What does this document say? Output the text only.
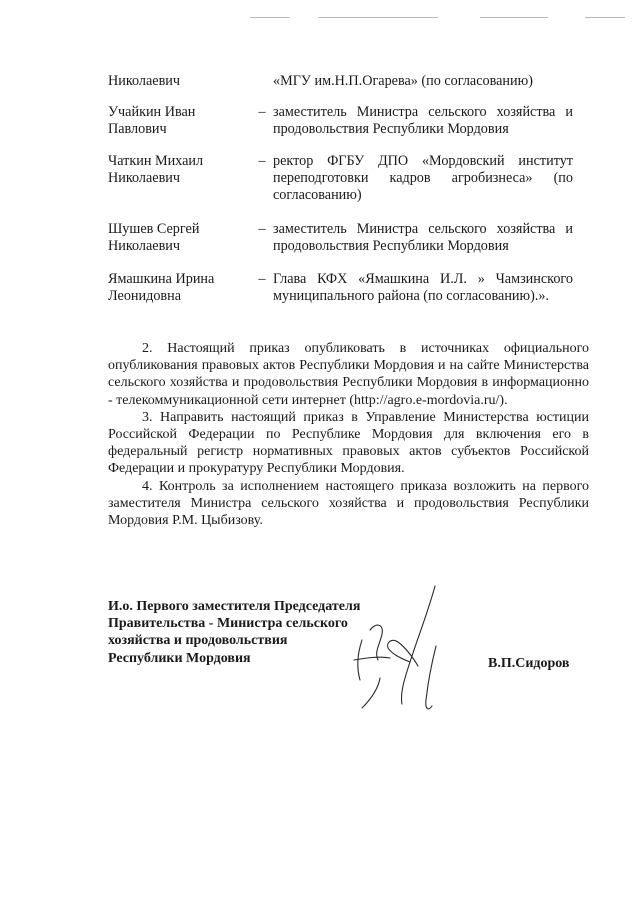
Николаевич	«МГУ им.Н.П.Огарева» (по согласованию)
Учайкин Иван Павлович
– заместитель Министра сельского хозяйства и продовольствия Республики Мордовия
Чаткин Михаил Николаевич
– ректор ФГБУ ДПО «Мордовский институт переподготовки кадров агробизнеса» (по согласованию)
Шушев Сергей Николаевич
– заместитель Министра сельского хозяйства и продовольствия Республики Мордовия
Ямашкина Ирина Леонидовна
– Глава КФХ «Ямашкина И.Л. » Чамзинского муниципального района (по согласованию).».

2. Настоящий приказ опубликовать в источниках официального опубликования правовых актов Республики Мордовия и на сайте Министерства сельского хозяйства и продовольствия Республики Мордовия в информационно - телекоммуникационной сети интернет (http://agro.e-mordovia.ru/).

3. Направить настоящий приказ в Управление Министерства юстиции Российской Федерации по Республике Мордовия для включения его в федеральный регистр нормативных правовых актов субъектов Российской Федерации и прокуратуру Республики Мордовия.

4. Контроль за исполнением настоящего приказа возложить на первого заместителя Министра сельского хозяйства и продовольствия Республики Мордовия Р.М. Цыбизову.

И.о. Первого заместителя Председателя
Правительства - Министра сельского
хозяйства и продовольствия
Республики Мордовия	В.П.Сидоров
